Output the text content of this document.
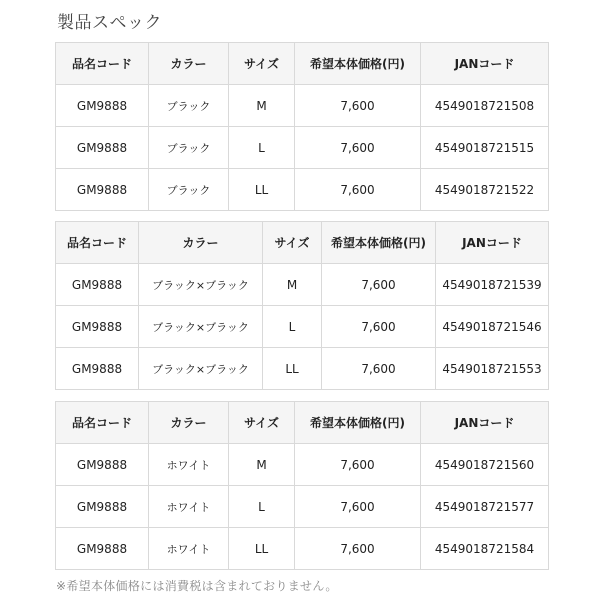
製品スペック
品名コード	カラー	サイズ	希望本体価格(円)	JANコード
GM9888	ブラック	M	7,600	4549018721508
GM9888	ブラック	L	7,600	4549018721515
GM9888	ブラック	LL	7,600	4549018721522
品名コード	カラー	サイズ	希望本体価格(円)	JANコード
GM9888	ブラック×ブラック	M	7,600	4549018721539
GM9888	ブラック×ブラック	L	7,600	4549018721546
GM9888	ブラック×ブラック	LL	7,600	4549018721553
品名コード	カラー	サイズ	希望本体価格(円)	JANコード
GM9888	ホワイト	M	7,600	4549018721560
GM9888	ホワイト	L	7,600	4549018721577
GM9888	ホワイト	LL	7,600	4549018721584
※希望本体価格には消費税は含まれておりません。
